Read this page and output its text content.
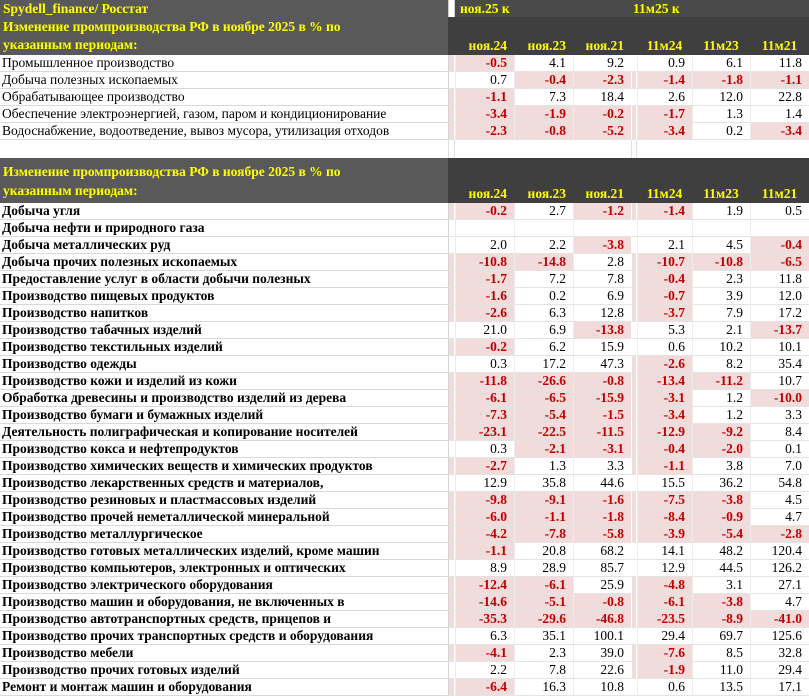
Spydell_finance/ Росстат	ноя.25 к	11м25 к
Изменение промпроизводства РФ в ноябре 2025 в % по
указанным периодам:	ноя.24	ноя.23	ноя.21	11м24	11м23	11м21
Промышленное производство	-0.5	4.1	9.2	0.9	6.1	11.8
Добыча полезных ископаемых	0.7	-0.4	-2.3	-1.4	-1.8	-1.1
Обрабатывающее производство	-1.1	7.3	18.4	2.6	12.0	22.8
Обеспечение электроэнергией, газом, паром и кондиционирование	-3.4	-1.9	-0.2	-1.7	1.3	1.4
Водоснабжение, водоотведение, вывоз мусора, утилизация отходов	-2.3	-0.8	-5.2	-3.4	0.2	-3.4
Изменение промпроизводства РФ в ноябре 2025 в % по
указанным периодам:	ноя.24	ноя.23	ноя.21	11м24	11м23	11м21
Добыча угля	-0.2	2.7	-1.2	-1.4	1.9	0.5
Добыча нефти и природного газа
Добыча металлических руд	2.0	2.2	-3.8	2.1	4.5	-0.4
Добыча прочих полезных ископаемых	-10.8	-14.8	2.8	-10.7	-10.8	-6.5
Предоставление услуг в области добычи полезных	-1.7	7.2	7.8	-0.4	2.3	11.8
Производство пищевых продуктов	-1.6	0.2	6.9	-0.7	3.9	12.0
Производство напитков	-2.6	6.3	12.8	-3.7	7.9	17.2
Производство табачных изделий	21.0	6.9	-13.8	5.3	2.1	-13.7
Производство текстильных изделий	-0.2	6.2	15.9	0.6	10.2	10.1
Производство одежды	0.3	17.2	47.3	-2.6	8.2	35.4
Производство кожи и изделий из кожи	-11.8	-26.6	-0.8	-13.4	-11.2	10.7
Обработка древесины и производство изделий из дерева	-6.1	-6.5	-15.9	-3.1	1.2	-10.0
Производство бумаги и бумажных изделий	-7.3	-5.4	-1.5	-3.4	1.2	3.3
Деятельность полиграфическая и копирование носителей	-23.1	-22.5	-11.5	-12.9	-9.2	8.4
Производство кокса и нефтепродуктов	0.3	-2.1	-3.1	-0.4	-2.0	0.1
Производство химических веществ и химических продуктов	-2.7	1.3	3.3	-1.1	3.8	7.0
Производство лекарственных средств и материалов,	12.9	35.8	44.6	15.5	36.2	54.8
Производство резиновых и пластмассовых изделий	-9.8	-9.1	-1.6	-7.5	-3.8	4.5
Производство прочей неметаллической минеральной	-6.0	-1.1	-1.8	-8.4	-0.9	4.7
Производство металлургическое	-4.2	-7.8	-5.8	-3.9	-5.4	-2.8
Производство готовых металлических изделий, кроме машин	-1.1	20.8	68.2	14.1	48.2	120.4
Производство компьютеров, электронных и оптических	8.9	28.9	85.7	12.9	44.5	126.2
Производство электрического оборудования	-12.4	-6.1	25.9	-4.8	3.1	27.1
Производство машин и оборудования, не включенных в	-14.6	-5.1	-0.8	-6.1	-3.8	4.7
Производство автотранспортных средств, прицепов и	-35.3	-29.6	-46.8	-23.5	-8.9	-41.0
Производство прочих транспортных средств и оборудования	6.3	35.1	100.1	29.4	69.7	125.6
Производство мебели	-4.1	2.3	39.0	-7.6	8.5	32.8
Производство прочих готовых изделий	2.2	7.8	22.6	-1.9	11.0	29.4
Ремонт и монтаж машин и оборудования	-6.4	16.3	10.8	0.6	13.5	17.1
